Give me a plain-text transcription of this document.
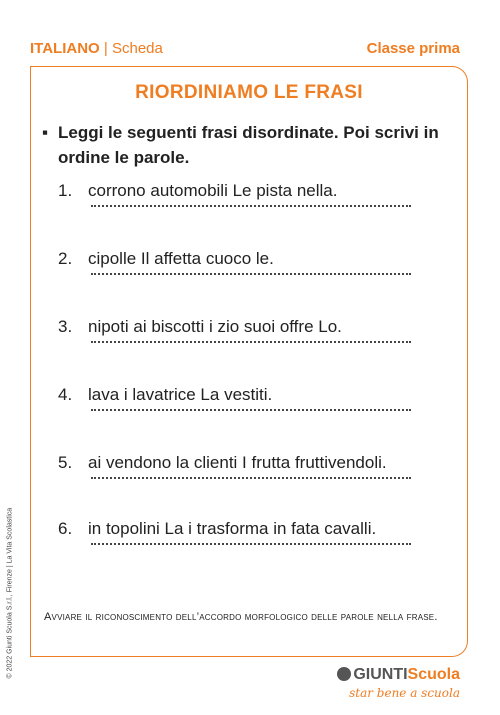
ITALIANO | Scheda	Classe prima
RIORDINIAMO LE FRASI
▪ Leggi le seguenti frasi disordinate. Poi scrivi in ordine le parole.
1. corrono automobili Le pista nella.
2. cipolle Il affetta cuoco le.
3. nipoti ai biscotti i zio suoi offre Lo.
4. lava i lavatrice La vestiti.
5. ai vendono la clienti I frutta fruttivendoli.
6. in topolini La i trasforma in fata cavalli.
Avviare il riconoscimento dell’accordo morfologico delle parole nella frase.
© 2022 Giunti Scuola S.r.l., Firenze | La Vita Scolastica	GIUNTIScuola
star bene a scuola
